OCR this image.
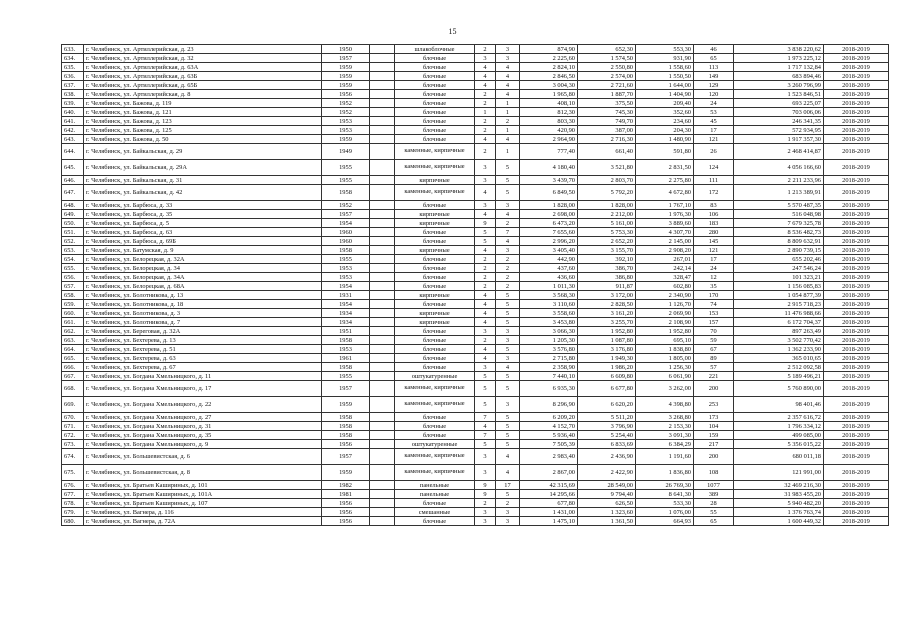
15
633.	г. Челябинск, ул. Артиллерийская, д. 23	1950		шлакоблочные	2	3	874,90	652,30	553,30	46	3 838 220,62	2018-2019
634.	г. Челябинск, ул. Артиллерийская, д. 32	1957		блочные	3	3	2 225,60	1 574,50	931,90	65	1 973 225,12	2018-2019
635.	г. Челябинск, ул. Артиллерийская, д. 63А	1959		блочные	4	4	2 824,10	2 550,80	1 558,60	113	1 717 132,84	2018-2019
636.	г. Челябинск, ул. Артиллерийская, д. 63Б	1959		блочные	4	4	2 846,50	2 574,00	1 550,50	149	683 894,46	2018-2019
637.	г. Челябинск, ул. Артиллерийская, д. 65Б	1959		блочные	4	4	3 004,30	2 721,60	1 644,00	129	3 260 796,99	2018-2019
638.	г. Челябинск, ул. Артиллерийская, д. 8	1956		блочные	2	4	1 965,80	1 887,70	1 404,90	120	1 523 846,51	2018-2019
639.	г. Челябинск, ул. Бажова, д. 119	1952		блочные	2	1	408,10	375,50	209,40	24	693 225,07	2018-2019
640.	г. Челябинск, ул. Бажова, д. 121	1952		блочные	1	1	812,30	745,30	352,60	53	703 006,06	2018-2019
641.	г. Челябинск, ул. Бажова, д. 123	1953		блочные	2	2	803,30	749,70	234,60	45	246 341,35	2018-2019
642.	г. Челябинск, ул. Бажова, д. 125	1953		блочные	2	1	420,90	387,00	204,30	17	572 934,95	2018-2019
643.	г. Челябинск, ул. Бажова, д. 50	1959		блочные	4	4	2 964,90	2 716,30	1 480,90	121	1 917 357,30	2018-2019
644.	г. Челябинск, ул. Байкальская, д. 29	1949		каменные, кирпичные	2	1	777,40	661,40	591,80	26	2 468 414,87	2018-2019
645.	г. Челябинск, ул. Байкальская, д. 29А	1955		каменные, кирпичные	3	5	4 180,40	3 521,80	2 831,50	124	4 056 166,60	2018-2019
646.	г. Челябинск, ул. Байкальская, д. 31	1955		кирпичные	3	5	3 439,70	2 803,70	2 275,80	111	2 211 233,96	2018-2019
647.	г. Челябинск, ул. Байкальская, д. 42	1958		каменные, кирпичные	4	5	6 849,50	5 792,20	4 672,80	172	1 213 389,91	2018-2019
648.	г. Челябинск, ул. Барбюса, д. 33	1952		блочные	3	3	1 828,00	1 828,00	1 767,10	83	5 570 487,35	2018-2019
649.	г. Челябинск, ул. Барбюса, д. 35	1957		кирпичные	4	4	2 698,00	2 212,00	1 976,30	106	516 048,98	2018-2019
650.	г. Челябинск, ул. Барбюса, д. 5	1954		кирпичные	9	2	6 473,20	5 161,00	3 889,60	183	7 679 325,78	2018-2019
651.	г. Челябинск, ул. Барбюса, д. 63	1960		блочные	5	7	7 655,60	5 753,30	4 307,70	280	8 536 482,73	2018-2019
652.	г. Челябинск, ул. Барбюса, д. 69Б	1960		блочные	5	4	2 996,20	2 652,20	2 145,00	145	8 809 632,91	2018-2019
653.	г. Челябинск, ул. Батумская, д. 9	1958		кирпичные	4	3	3 405,40	3 155,70	2 908,20	121	2 890 739,15	2018-2019
654.	г. Челябинск, ул. Белорецкая, д. 32А	1955		блочные	2	2	442,90	392,10	267,01	17	655 202,46	2018-2019
655.	г. Челябинск, ул. Белорецкая, д. 34	1953		блочные	2	2	437,60	386,70	242,14	24	247 546,24	2018-2019
656.	г. Челябинск, ул. Белорецкая, д. 34А	1953		блочные	2	2	436,60	386,80	328,47	12	101 323,21	2018-2019
657.	г. Челябинск, ул. Белорецкая, д. 68А	1954		блочные	2	2	1 011,30	911,87	602,80	35	1 156 085,83	2018-2019
658.	г. Челябинск, ул. Болотникова, д. 13	1931		кирпичные	4	5	3 568,30	3 172,00	2 340,90	170	1 054 877,39	2018-2019
659.	г. Челябинск, ул. Болотникова, д. 18	1954		блочные	4	5	3 110,60	2 828,50	1 126,70	74	2 915 718,23	2018-2019
660.	г. Челябинск, ул. Болотникова, д. 3	1934		кирпичные	4	5	3 558,60	3 161,20	2 069,90	153	11 476 988,66	2018-2019
661.	г. Челябинск, ул. Болотникова, д. 7	1934		кирпичные	4	5	3 453,80	3 255,70	2 108,90	157	6 172 704,37	2018-2019
662.	г. Челябинск, ул. Береговая, д. 32А	1951		блочные	3	3	3 066,30	1 952,80	1 952,80	70	897 263,49	2018-2019
663.	г. Челябинск, ул. Бехтерева, д. 13	1958		блочные	2	3	1 205,30	1 087,80	695,10	59	3 502 770,42	2018-2019
664.	г. Челябинск, ул. Бехтерева, д. 51	1953		блочные	4	5	3 576,80	3 176,80	1 838,80	67	1 362 233,90	2018-2019
665.	г. Челябинск, ул. Бехтерева, д. 63	1961		блочные	4	3	2 715,80	1 949,30	1 805,00	89	365 010,65	2018-2019
666.	г. Челябинск, ул. Бехтерева, д. 67	1958		блочные	3	4	2 358,90	1 986,20	1 256,30	57	2 512 092,58	2018-2019
667.	г. Челябинск, ул. Богдана Хмельницкого, д. 11	1955		оштукатуренные	5	5	7 440,10	6 609,80	6 061,90	221	5 189 496,21	2018-2019
668.	г. Челябинск, ул. Богдана Хмельницкого, д. 17	1957		каменные, кирпичные	5	5	6 935,30	6 677,80	3 262,00	200	5 760 890,00	2018-2019
669.	г. Челябинск, ул. Богдана Хмельницкого, д. 22	1959		каменные, кирпичные	5	3	8 296,90	6 620,20	4 398,80	253	98 401,46	2018-2019
670.	г. Челябинск, ул. Богдана Хмельницкого, д. 27	1958		блочные	7	5	6 209,20	5 511,20	3 268,80	173	2 357 616,72	2018-2019
671.	г. Челябинск, ул. Богдана Хмельницкого, д. 31	1958		блочные	4	5	4 152,70	3 796,90	2 153,30	104	1 796 334,12	2018-2019
672.	г. Челябинск, ул. Богдана Хмельницкого, д. 35	1958		блочные	7	5	5 936,40	5 254,40	3 091,30	159	499 085,00	2018-2019
673.	г. Челябинск, ул. Богдана Хмельницкого, д. 9	1956		оштукатуренные	5	5	7 505,39	6 833,69	6 384,29	217	5 356 015,22	2018-2019
674.	г. Челябинск, ул. Большевистская, д. 6	1957		каменные, кирпичные	3	4	2 983,40	2 436,90	1 191,60	200	680 011,18	2018-2019
675.	г. Челябинск, ул. Большевистская, д. 8	1959		каменные, кирпичные	3	4	2 867,00	2 422,90	1 836,80	108	121 991,00	2018-2019
676.	г. Челябинск, ул. Братьев Кашириных, д. 101	1982		панельные	9	17	42 315,69	28 549,00	26 769,30	1077	32 469 216,30	2018-2019
677.	г. Челябинск, ул. Братьев Кашириных, д. 101А	1981		панельные	9	5	14 295,66	9 794,40	8 641,30	389	31 983 455,20	2018-2019
678.	г. Челябинск, ул. Братьев Кашириных, д. 107	1956		блочные	2	2	677,80	626,50	533,30	28	5 940 482,20	2018-2019
679.	г. Челябинск, ул. Вагнера, д. 116	1956		смешанные	3	3	1 431,00	1 323,60	1 076,00	55	1 376 763,74	2018-2019
680.	г. Челябинск, ул. Вагнера, д. 72А	1956		блочные	3	3	1 475,10	1 361,50	664,93	65	1 600 449,32	2018-2019
